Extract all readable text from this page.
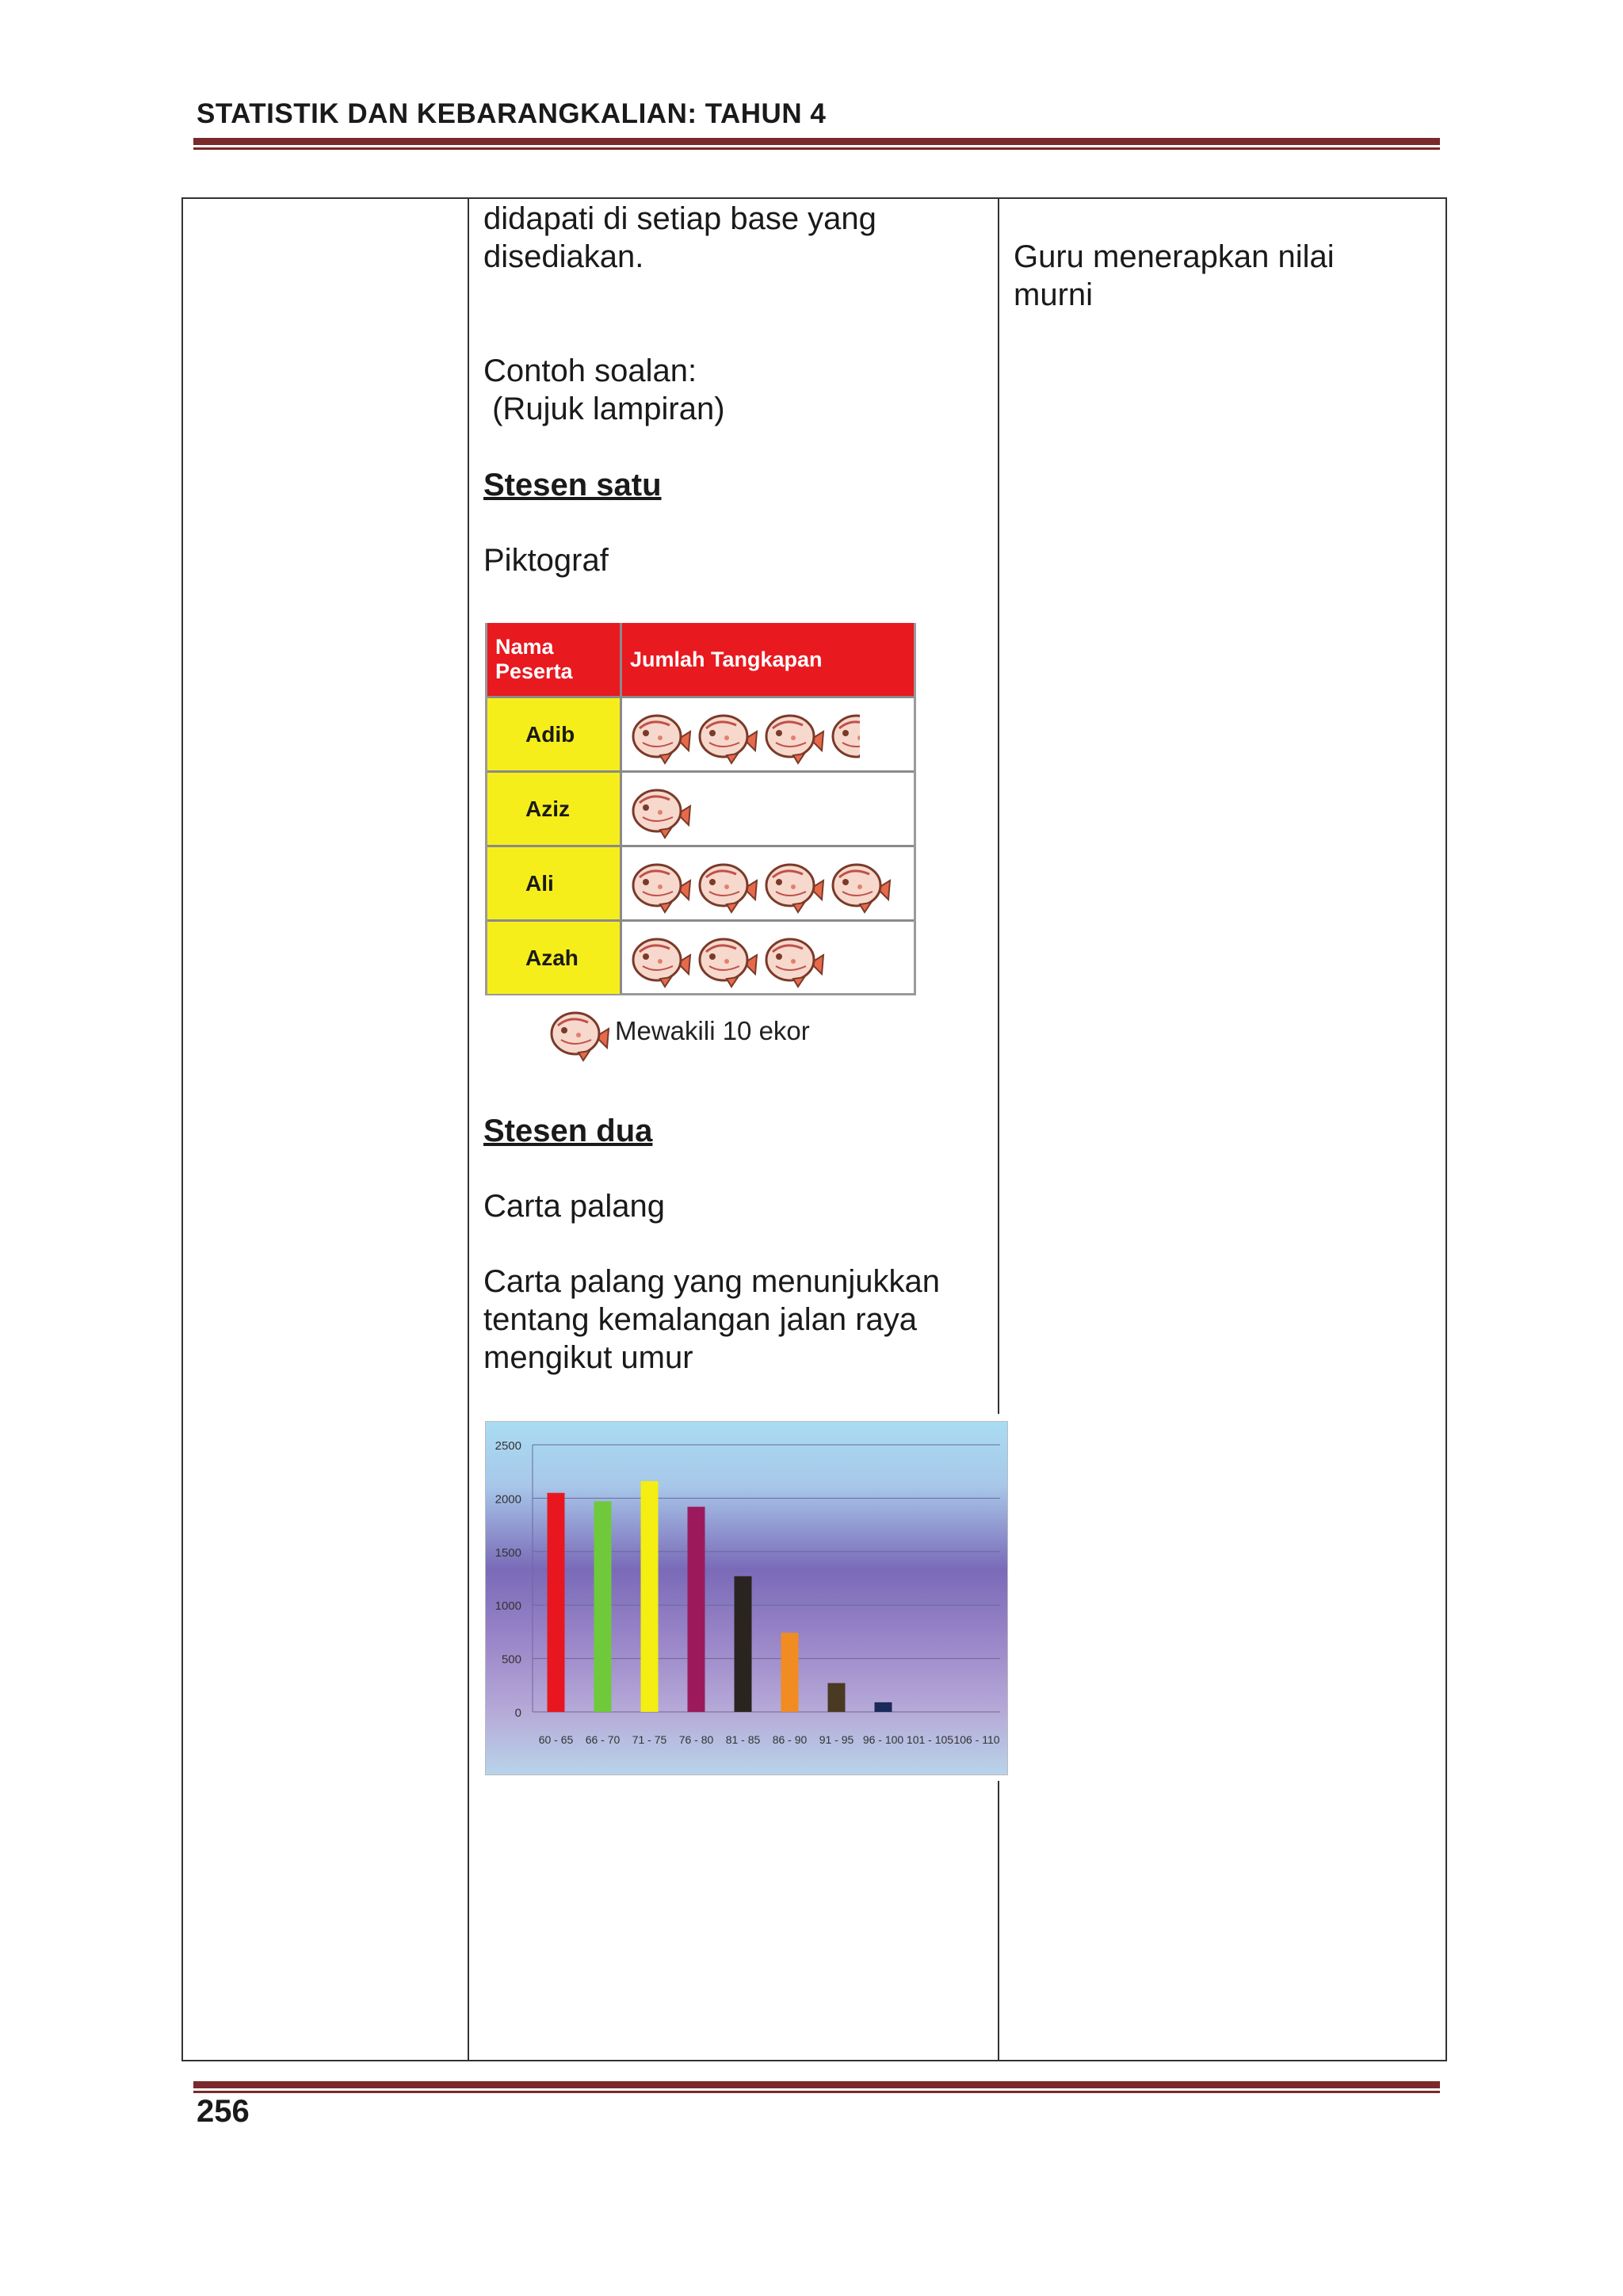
STATISTIK DAN KEBARANGKALIAN: TAHUN 4
didapati di setiap base yang
disediakan.
Contoh soalan:
(Rujuk lampiran)
Stesen satu
Piktograf
Nama Peserta
Jumlah Tangkapan
Adib
Aziz
Ali
Azah
Mewakili 10 ekor
Stesen dua
Carta palang
Carta palang yang menunjukkan
tentang kemalangan jalan raya
mengikut umur
0
500
1000
1500
2000
2500
60 - 65 66 - 70 71 - 75 76 - 80 81 - 85 86 - 90 91 - 95 96 - 100 101 - 105 106 - 110
Guru menerapkan nilai
murni
256
